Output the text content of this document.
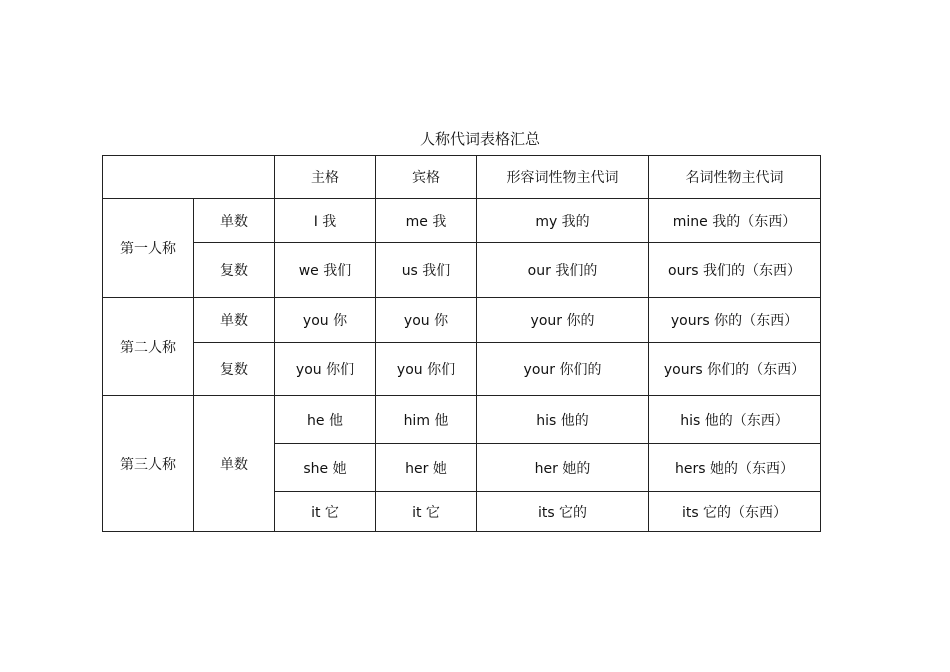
人称代词表格汇总
		主格	宾格	形容词性物主代词	名词性物主代词
第一人称	单数	I 我	me 我	my 我的	mine 我的（东西）
	复数	we 我们	us 我们	our 我们的	ours 我们的（东西）
第二人称	单数	you 你	you 你	your 你的	yours 你的（东西）
	复数	you 你们	you 你们	your 你们的	yours 你们的（东西）
第三人称	单数	he 他	him 他	his 他的	his 他的（东西）
		she 她	her 她	her 她的	hers 她的（东西）
		it 它	it 它	its 它的	its 它的（东西）
